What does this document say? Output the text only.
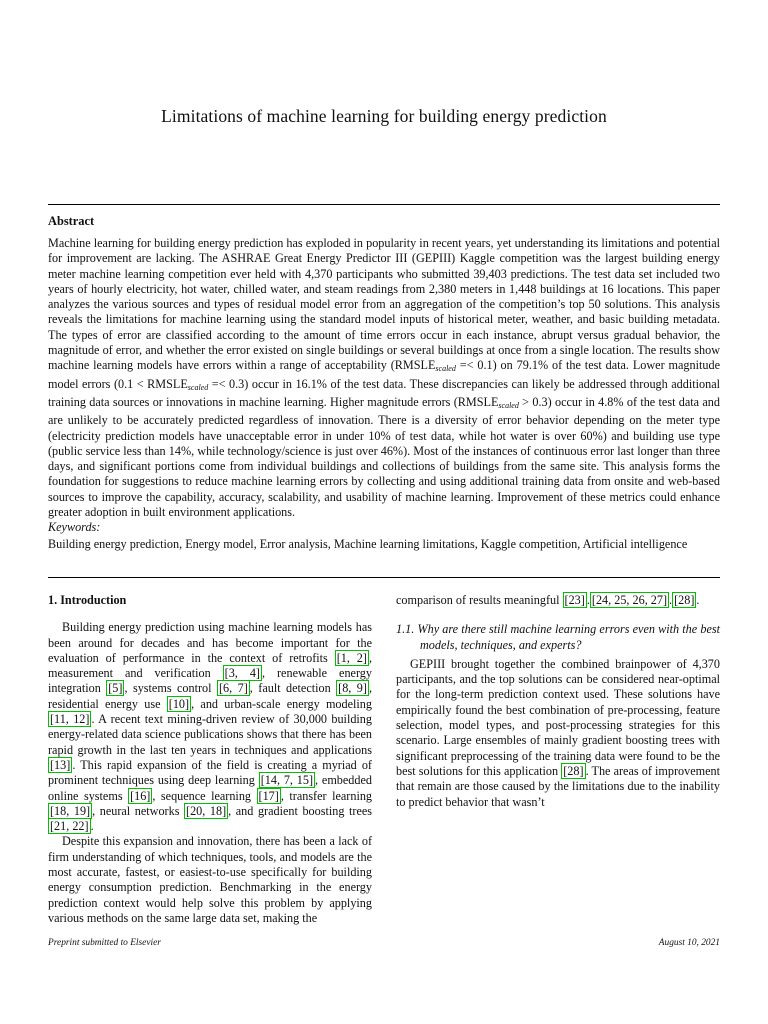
Limitations of machine learning for building energy prediction
Abstract
Machine learning for building energy prediction has exploded in popularity in recent years, yet understanding its limitations and potential for improvement are lacking. The ASHRAE Great Energy Predictor III (GEPIII) Kaggle competition was the largest building energy meter machine learning competition ever held with 4,370 participants who submitted 39,403 predictions. The test data set included two years of hourly electricity, hot water, chilled water, and steam readings from 2,380 meters in 1,448 buildings at 16 locations. This paper analyzes the various sources and types of residual model error from an aggregation of the competition’s top 50 solutions. This analysis reveals the limitations for machine learning using the standard model inputs of historical meter, weather, and basic building metadata. The types of error are classified according to the amount of time errors occur in each instance, abrupt versus gradual behavior, the magnitude of error, and whether the error existed on single buildings or several buildings at once from a single location. The results show machine learning models have errors within a range of acceptability $(RMSLE_{scaled} =< 0.1)$ on 79.1% of the test data. Lower magnitude model errors $(0.1 < RMSLE_{scaled} =< 0.3)$ occur in 16.1% of the test data. These discrepancies can likely be addressed through additional training data sources or innovations in machine learning. Higher magnitude errors $(RMSLE_{scaled} > 0.3)$ occur in 4.8% of the test data and are unlikely to be accurately predicted regardless of innovation. There is a diversity of error behavior depending on the meter type (electricity prediction models have unacceptable error in under 10% of test data, while hot water is over 60%) and building use type (public service less than 14%, while technology/science is just over 46%). Most of the instances of continuous error last longer than three days, and significant portions come from individual buildings and collections of buildings from the same site. This analysis forms the foundation for suggestions to reduce machine learning errors by collecting and using additional training data from onsite and web-based sources to improve the capability, accuracy, scalability, and usability of machine learning. Improvement of these metrics could enhance greater adoption in built environment applications.
Keywords:
Building energy prediction, Energy model, Error analysis, Machine learning limitations, Kaggle competition, Artificial intelligence
1. Introduction

Building energy prediction using machine learning models has been around for decades and has become important for the evaluation of performance in the context of retrofits [1, 2] , measurement and verification [3, 4] , renewable energy integration [5] , systems control [6, 7] , fault detection [8, 9] , residential energy use [10] , and urban-scale energy modeling [11, 12] . A recent text mining-driven review of 30,000 building energy-related data science publications shows that there has been rapid growth in the last ten years in techniques and applications [13] . This rapid expansion of the field is creating a myriad of prominent techniques using deep learning [14, 7, 15] , embedded online systems [16] , sequence learning [17] , transfer learning [18, 19] , neural networks [20, 18] , and gradient boosting trees [21, 22] .

Despite this expansion and innovation, there has been a lack of firm understanding of which techniques, tools, and models are the most accurate, fastest, or easiest-to-use specifically for building energy consumption prediction. Benchmarking in the energy prediction context would help solve this problem by applying various methods on the same large data set, making the

comparison of results meaningful [23] . [24, 25, 26, 27] . [28] .

1.1. Why are there still machine learning errors even with the best models, techniques, and experts?

GEPIII brought together the combined brainpower of 4,370 participants, and the top solutions can be considered near-optimal for the long-term prediction context used. These solutions have empirically found the best combination of pre-processing, feature selection, model types, and post-processing strategies for this scenario. Large ensembles of mainly gradient boosting trees with significant preprocessing of the training data were found to be the best solutions for this application [28] . The areas of improvement that remain are those caused by the limitations due to the inability to predict behavior that wasn’t

Preprint submitted to Elsevier	August 10, 2021
